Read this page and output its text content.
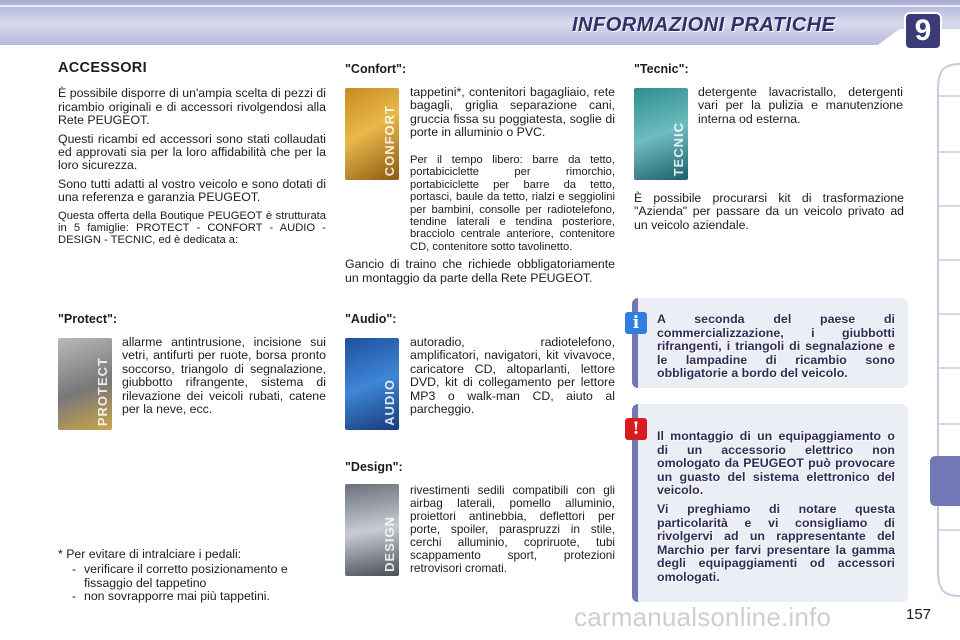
INFORMAZIONI PRATICHE	9
ACCESSORI

È possibile disporre di un'ampia scelta di pezzi di ricambio originali e di accessori rivolgendosi alla Rete PEUGEOT.

Questi ricambi ed accessori sono stati collaudati ed approvati sia per la loro affidabilità che per la loro sicurezza.

Sono tutti adatti al vostro veicolo e sono dotati di una referenza e garanzia PEUGEOT.

Questa offerta della Boutique PEUGEOT è strutturata in 5 famiglie: PROTECT - CONFORT - AUDIO - DESIGN - TECNIC, ed è dedicata a:

"Protect":
PROTECT
allarme antintrusione, incisione sui vetri, antifurti per ruote, borsa pronto soccorso, triangolo di segnalazione, giubbotto rifrangente, sistema di rilevazione dei veicoli rubati, catene per la neve, ecc.
* Per evitare di intralciare i pedali:
- verificare il corretto posizionamento e fissaggio del tappetino
- non sovrapporre mai più tappetini.
"Confort":
CONFORT
tappetini*, contenitori bagagliaio, rete bagagli, griglia separazione cani, gruccia fissa su poggiatesta, soglie di porte in alluminio o PVC.

Per il tempo libero: barre da tetto, portabiciclette per rimorchio, portabiciclette per barre da tetto, portasci, baule da tetto, rialzi e seggiolini per bambini, consolle per radiotelefono, tendine laterali e tendina posteriore, bracciolo centrale anteriore, contenitore CD, contenitore sotto tavolinetto.

Gancio di traino che richiede obbligatoriamente un montaggio da parte della Rete PEUGEOT.

"Audio":
AUDIO
autoradio, radiotelefono, amplificatori, navigatori, kit vivavoce, caricatore CD, altoparlanti, lettore DVD, kit di collegamento per lettore MP3 o walk-man CD, aiuto al parcheggio.
"Design":
DESIGN
rivestimenti sedili compatibili con gli airbag laterali, pomello alluminio, proiettori antinebbia, deflettori per porte, spoiler, paraspruzzi in stile, cerchi alluminio, copriruote, tubi scappamento sport, protezioni retrovisori cromati.
"Tecnic":
TECNIC
detergente lavacristallo, detergenti vari per la pulizia e manutenzione interna od esterna.
È possibile procurarsi kit di trasformazione "Azienda" per passare da un veicolo privato ad un veicolo aziendale.
i	A seconda del paese di commercializzazione, i giubbotti rifrangenti, i triangoli di segnalazione e le lampadine di ricambio sono obbligatorie a bordo del veicolo.
!	Il montaggio di un equipaggiamento o di un accessorio elettrico non omologato da PEUGEOT può provocare un guasto del sistema elettronico del veicolo.

Vi preghiamo di notare questa particolarità e vi consigliamo di rivolgervi ad un rappresentante del Marchio per farvi presentare la gamma degli equipaggiamenti od accessori omologati.

carmanualsonline.info	157
